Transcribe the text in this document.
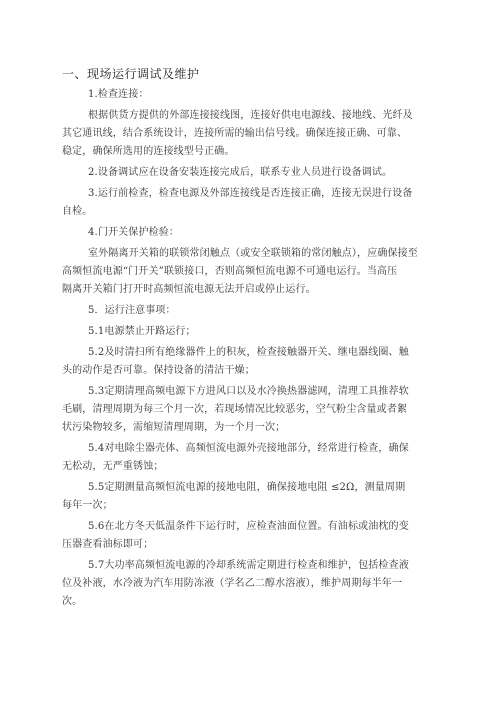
一、现场运行调试及维护
1.检查连接：
根据供货方提供的外部连接接线图，连接好供电电源线、接地线、光纤及
其它通讯线，结合系统设计，连接所需的输出信号线。确保连接正确、可靠、
稳定，确保所选用的连接线型号正确。
2.设备调试应在设备安装连接完成后，联系专业人员进行设备调试。
3.运行前检查，检查电源及外部连接线是否连接正确，连接无误进行设备
自检。
4.门开关保护检验：
室外隔离开关箱的联锁常闭触点（或安全联锁箱的常闭触点），应确保接至
高频恒流电源“门开关”联锁接口，否则高频恒流电源不可通电运行。当高压
隔离开关箱门打开时高频恒流电源无法开启或停止运行。
5．运行注意事项：
5.1电源禁止开路运行；
5.2及时清扫所有绝缘器件上的积灰，检查接触器开关、继电器线圈、触
头的动作是否可靠。保持设备的清洁干燥；
5.3定期清理高频电源下方进风口以及水冷换热器滤网，清理工具推荐软
毛刷，清理周期为每三个月一次，若现场情况比较恶劣，空气粉尘含量或者絮
状污染物较多，需缩短清理周期，为一个月一次；
5.4对电除尘器壳体、高频恒流电源外壳接地部分，经常进行检查，确保
无松动，无严重锈蚀；
5.5定期测量高频恒流电源的接地电阻，确保接地电阻 ≤2Ω，测量周期
每年一次；
5.6在北方冬天低温条件下运行时，应检查油面位置。有油标或油枕的变
压器查看油标即可；
5.7大功率高频恒流电源的冷却系统需定期进行检查和维护，包括检查液
位及补液，水冷液为汽车用防冻液（学名乙二醇水溶液），维护周期每半年一
次。
